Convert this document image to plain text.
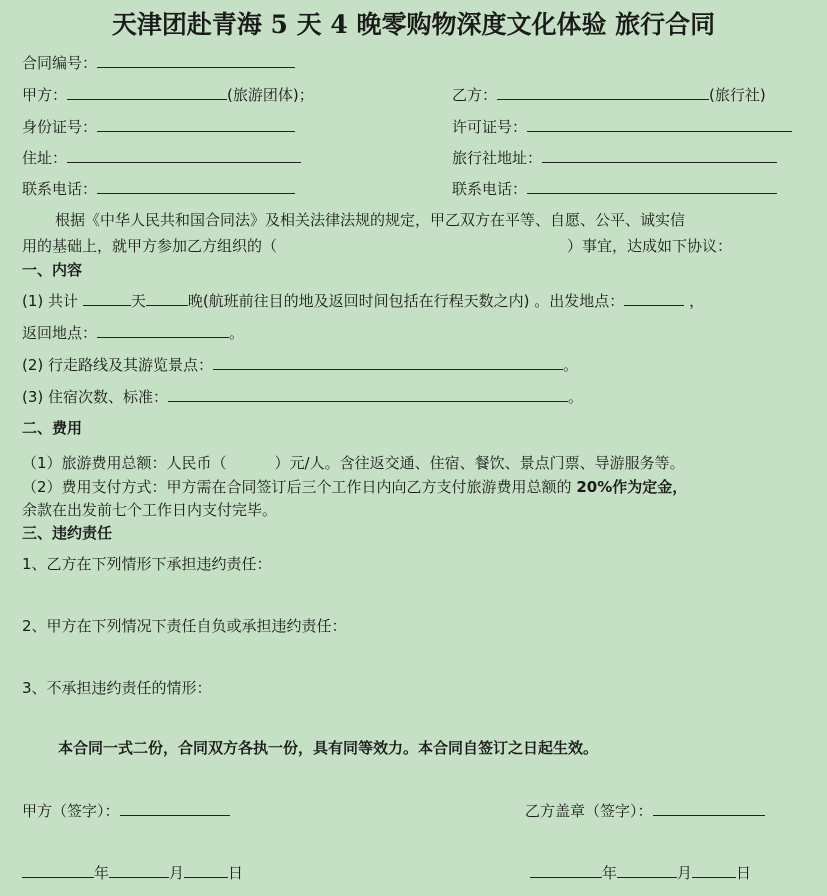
天津团赴青海 5 天 4 晚零购物深度文化体验 旅行合同
合同编号：
甲方：	(旅游团体)；	乙方：	(旅行社)
身份证号：	许可证号：
住址：	旅行社地址：
联系电话：	联系电话：
根据《中华人民共和国合同法》及相关法律法规的规定，甲乙双方在平等、自愿、公平、诚实信
用的基础上，就甲方参加乙方组织的（	）事宜，达成如下协议：
一、内容
(1) 共计	天	晚(航班前往目的地及返回时间包括在行程天数之内) 。出发地点：	，
返回地点：	。
(2) 行走路线及其游览景点：	。
(3) 住宿次数、标准：	。
二、费用
（1）旅游费用总额：人民币（	）元/人。含往返交通、住宿、餐饮、景点门票、导游服务等。
（2）费用支付方式：甲方需在合同签订后三个工作日内向乙方支付旅游费用总额的 20%作为定金，
余款在出发前七个工作日内支付完毕。
三、违约责任
1、乙方在下列情形下承担违约责任：
2、甲方在下列情况下责任自负或承担违约责任：
3、不承担违约责任的情形：
本合同一式二份，合同双方各执一份，具有同等效力。本合同自签订之日起生效。
甲方（签字）：	乙方盖章（签字）：
年	月	日	年	月	日
